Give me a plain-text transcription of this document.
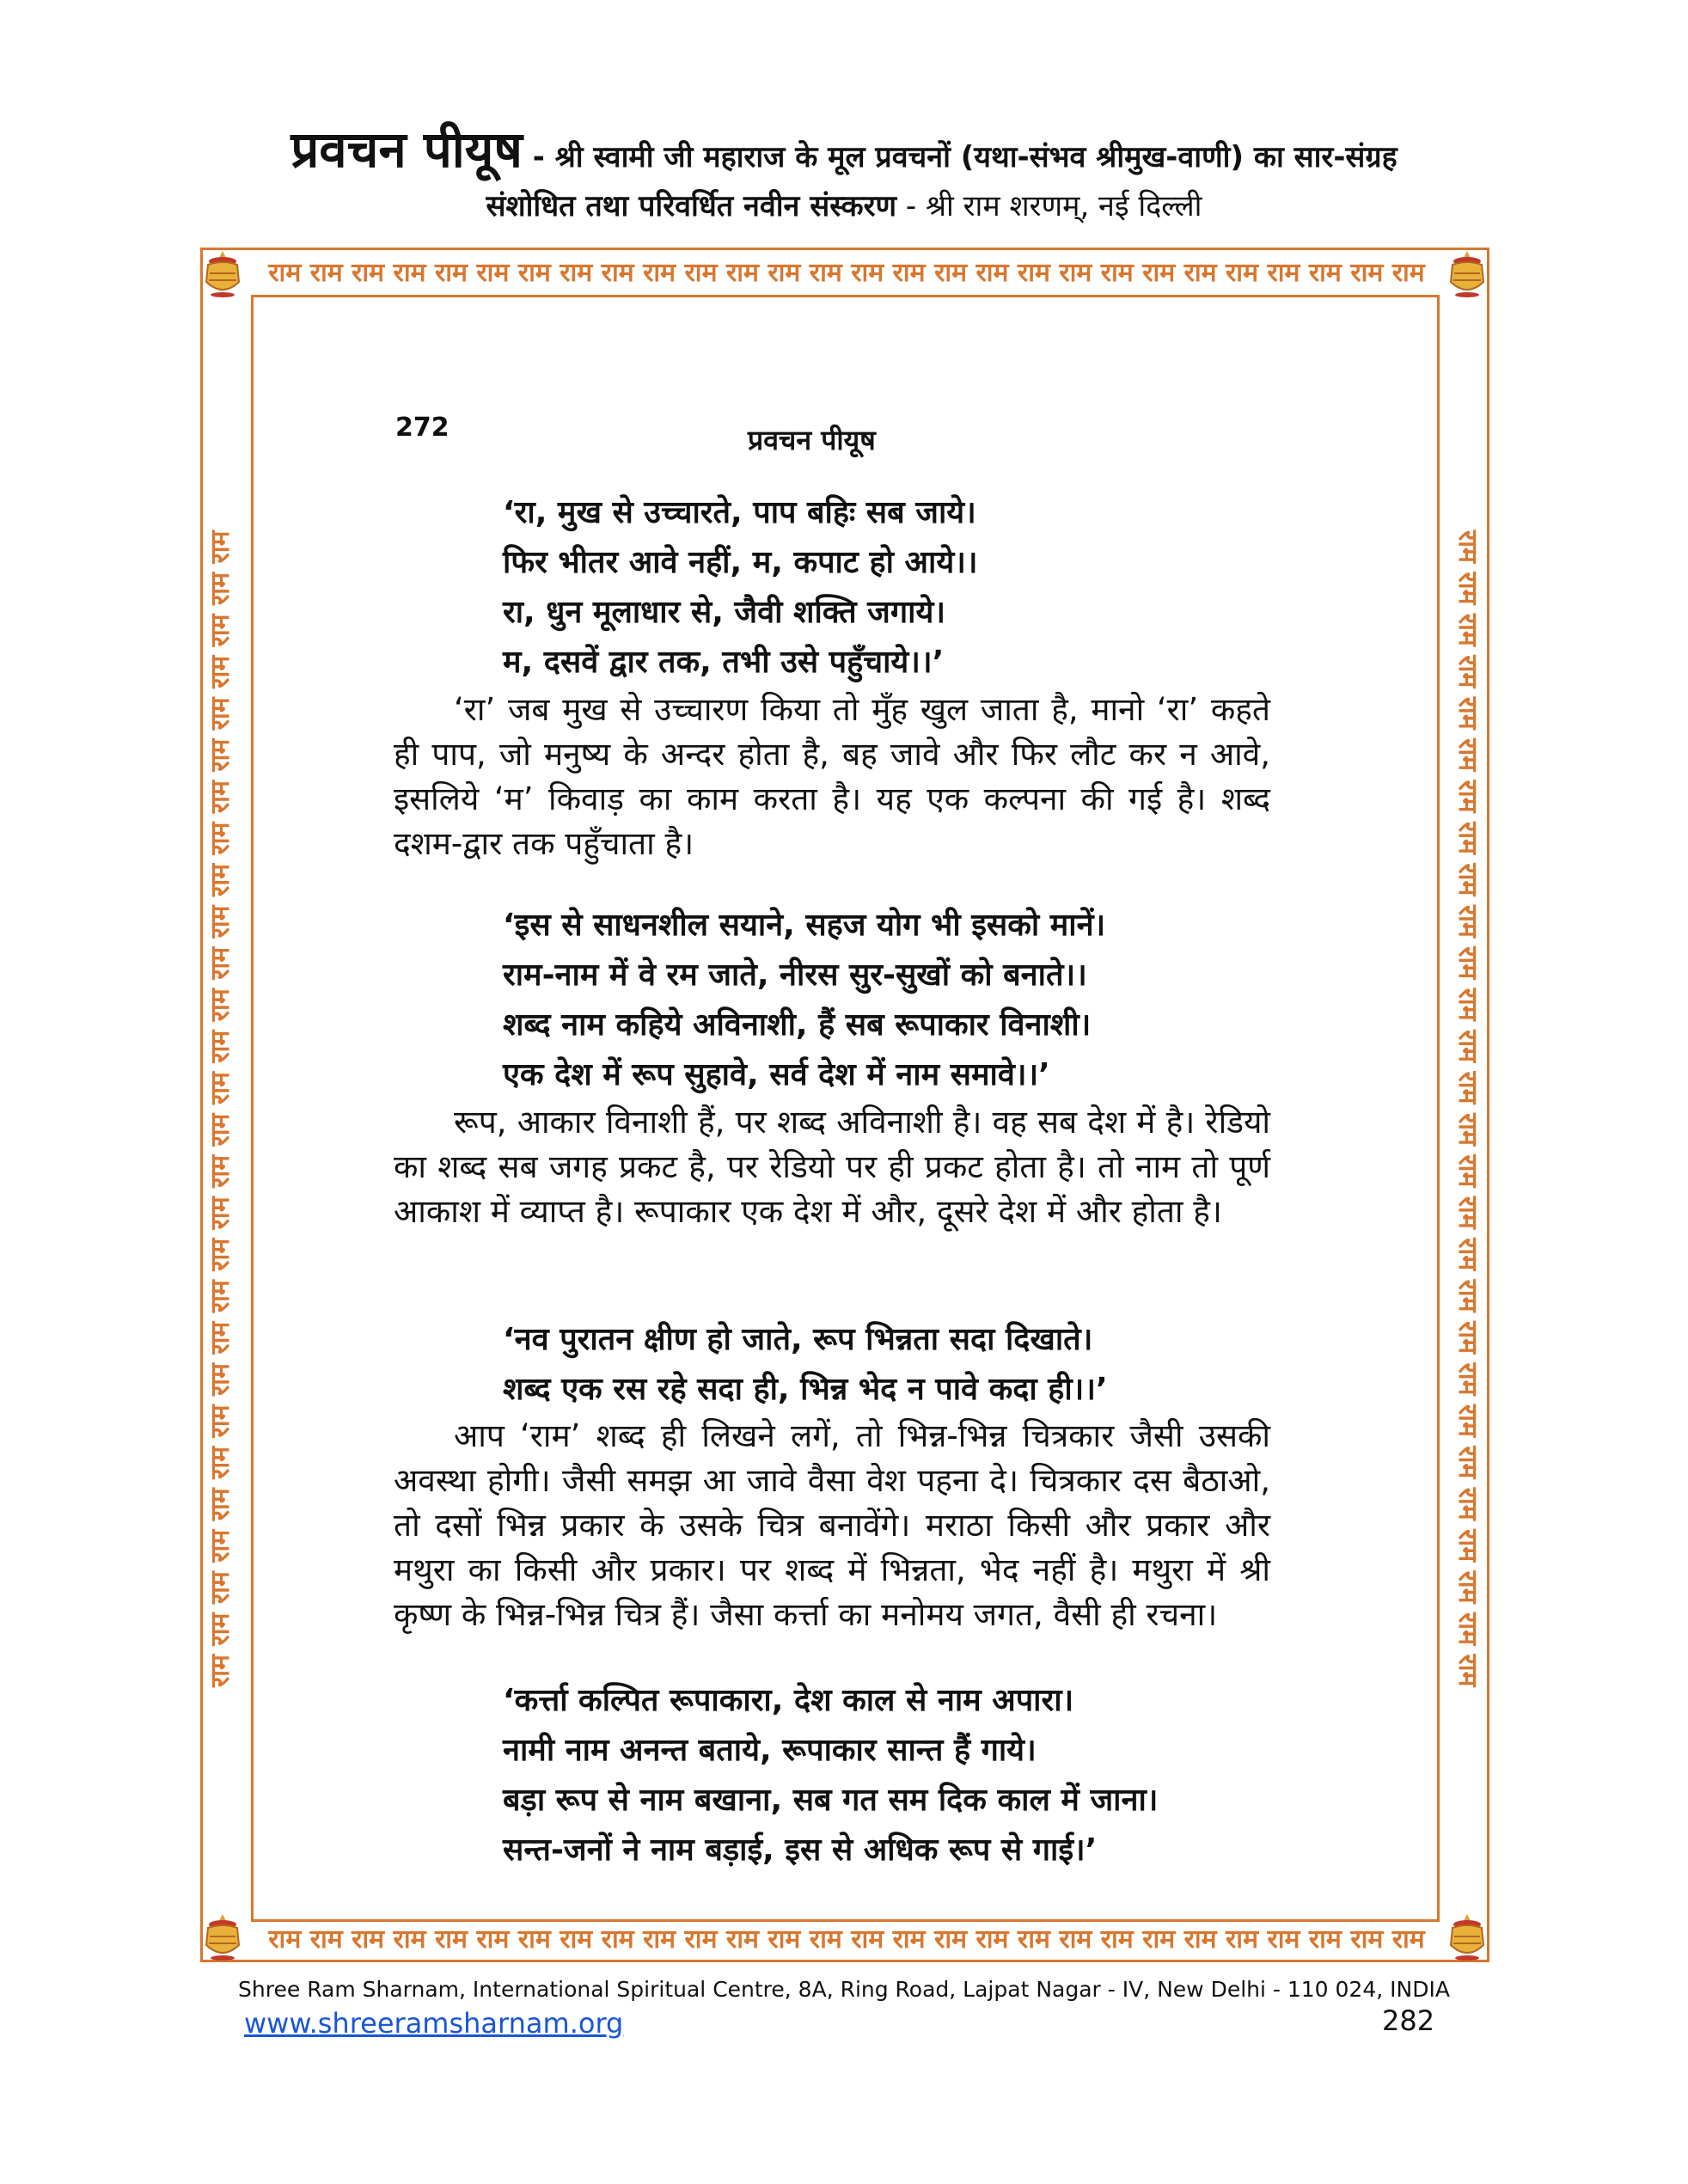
प्रवचन पीयूष - श्री स्वामी जी महाराज के मूल प्रवचनों (यथा-संभव श्रीमुख-वाणी) का सार-संग्रह
संशोधित तथा परिवर्धित नवीन संस्करण - श्री राम शरणम्, नई दिल्ली
राम राम राम राम राम राम राम राम राम राम राम राम राम राम राम राम राम राम राम राम राम राम राम राम राम राम राम राम
राम राम राम राम राम राम राम राम राम राम राम राम राम राम राम राम राम राम राम राम राम राम राम राम राम राम राम राम
राम राम राम राम राम राम राम राम राम राम राम राम राम राम राम राम राम राम राम राम राम राम राम राम राम राम राम राम	राम राम राम राम राम राम राम राम राम राम राम राम राम राम राम राम राम राम राम राम राम राम राम राम राम राम राम राम
272	प्रवचन पीयूष
‘रा, मुख से उच्चारते, पाप बहिः सब जाये।
फिर भीतर आवे नहीं, म, कपाट हो आये।।
रा, धुन मूलाधार से, जैवी शक्ति जगाये।
म, दसवें द्वार तक, तभी उसे पहुँचाये।।’
‘रा’ जब मुख से उच्चारण किया तो मुँह खुल जाता है, मानो ‘रा’ कहते ही पाप, जो मनुष्य के अन्दर होता है, बह जावे और फिर लौट कर न आवे, इसलिये ‘म’ किवाड़ का काम करता है। यह एक कल्पना की गई है। शब्द दशम-द्वार तक पहुँचाता है।
‘इस से साधनशील सयाने, सहज योग भी इसको मानें।
राम-नाम में वे रम जाते, नीरस सुर-सुखों को बनाते।।
शब्द नाम कहिये अविनाशी, हैं सब रूपाकार विनाशी।
एक देश में रूप सुहावे, सर्व देश में नाम समावे।।’
रूप, आकार विनाशी हैं, पर शब्द अविनाशी है। वह सब देश में है। रेडियो का शब्द सब जगह प्रकट है, पर रेडियो पर ही प्रकट होता है। तो नाम तो पूर्ण आकाश में व्याप्त है। रूपाकार एक देश में और, दूसरे देश में और होता है।
‘नव पुरातन क्षीण हो जाते, रूप भिन्नता सदा दिखाते।
शब्द एक रस रहे सदा ही, भिन्न भेद न पावे कदा ही।।’
आप ‘राम’ शब्द ही लिखने लगें, तो भिन्न-भिन्न चित्रकार जैसी उसकी अवस्था होगी। जैसी समझ आ जावे वैसा वेश पहना दे। चित्रकार दस बैठाओ, तो दसों भिन्न प्रकार के उसके चित्र बनावेंगे। मराठा किसी और प्रकार और मथुरा का किसी और प्रकार। पर शब्द में भिन्नता, भेद नहीं है। मथुरा में श्री कृष्ण के भिन्न-भिन्न चित्र हैं। जैसा कर्त्ता का मनोमय जगत, वैसी ही रचना।
‘कर्त्ता कल्पित रूपाकारा, देश काल से नाम अपारा।
नामी नाम अनन्त बताये, रूपाकार सान्त हैं गाये।
बड़ा रूप से नाम बखाना, सब गत सम दिक काल में जाना।
सन्त-जनों ने नाम बड़ाई, इस से अधिक रूप से गाई।’
Shree Ram Sharnam, International Spiritual Centre, 8A, Ring Road, Lajpat Nagar - IV, New Delhi - 110 024, INDIA
www.shreeramsharnam.org	282
